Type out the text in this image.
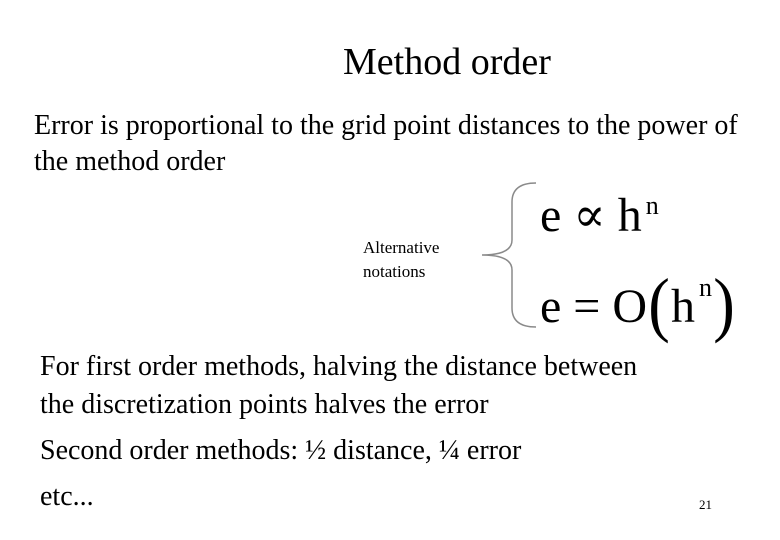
Method order
Error is proportional to the grid point distances to the power of the method order
Alternative
notations
e ∝ h $^n$
e = O(h $^n$)

For first order methods, halving the distance between

the discretization points halves the error

Second order methods: ½ distance, ¼ error

etc...	21
